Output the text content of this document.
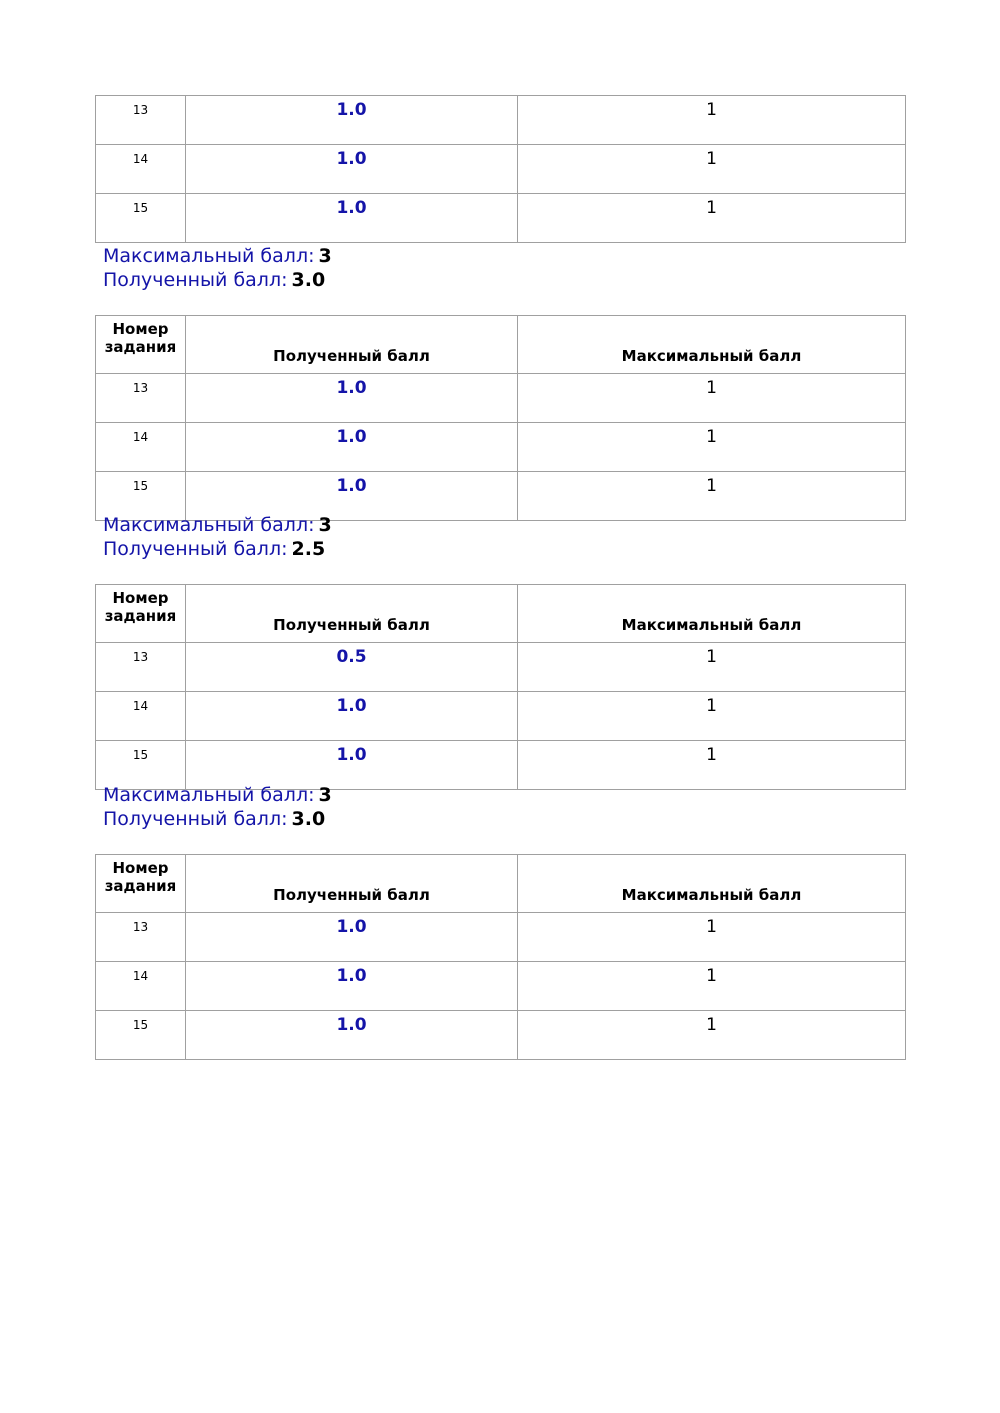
13	1.0	1
14	1.0	1
15	1.0	1
Максимальный балл: 3
Полученный балл: 3.0
Номер задания	Полученный балл	Максимальный балл
13	1.0	1
14	1.0	1
15	1.0	1
Максимальный балл: 3
Полученный балл: 2.5
Номер задания	Полученный балл	Максимальный балл
13	0.5	1
14	1.0	1
15	1.0	1
Максимальный балл: 3
Полученный балл: 3.0
Номер задания	Полученный балл	Максимальный балл
13	1.0	1
14	1.0	1
15	1.0	1
